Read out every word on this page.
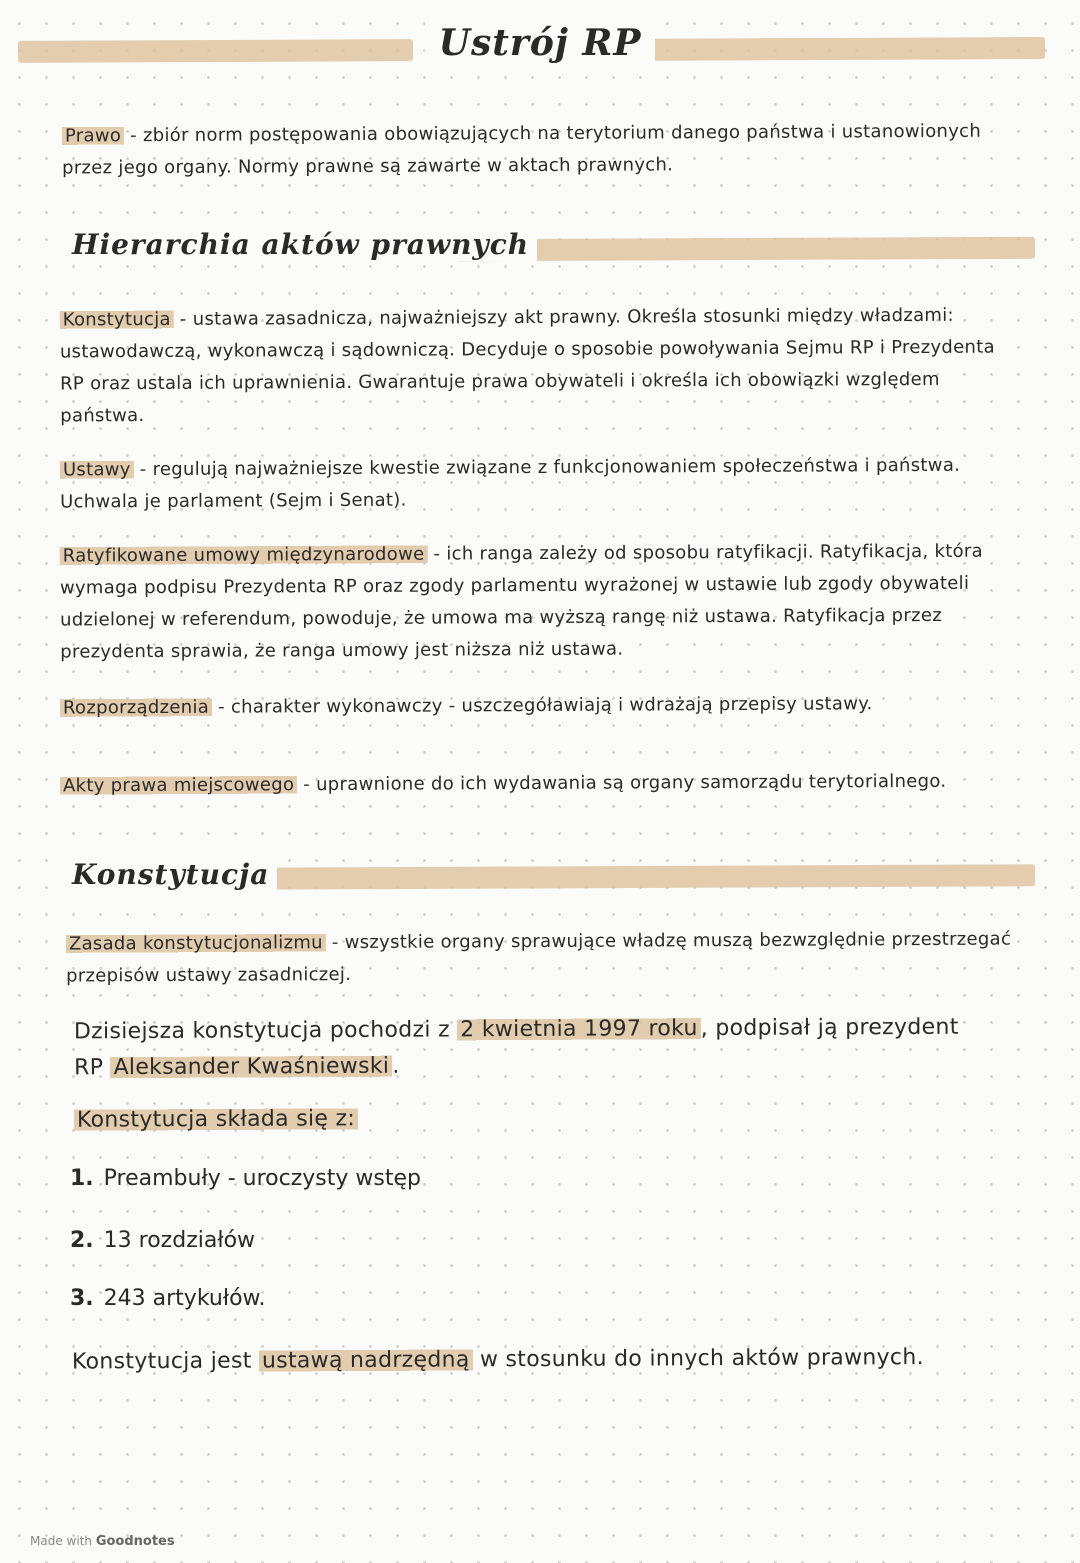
Ustrój RP

Prawo - zbiór norm postępowania obowiązujących na terytorium danego państwa i ustanowionych przez jego organy. Normy prawne są zawarte w aktach prawnych.

Hierarchia aktów prawnych

Konstytucja - ustawa zasadnicza, najważniejszy akt prawny. Określa stosunki między władzami: ustawodawczą, wykonawczą i sądowniczą. Decyduje o sposobie powoływania Sejmu RP i Prezydenta RP oraz ustala ich uprawnienia. Gwarantuje prawa obywateli i określa ich obowiązki względem państwa.

Ustawy - regulują najważniejsze kwestie związane z funkcjonowaniem społeczeństwa i państwa. Uchwala je parlament (Sejm i Senat).

Ratyfikowane umowy międzynarodowe - ich ranga zależy od sposobu ratyfikacji. Ratyfikacja, która wymaga podpisu Prezydenta RP oraz zgody parlamentu wyrażonej w ustawie lub zgody obywateli udzielonej w referendum, powoduje, że umowa ma wyższą rangę niż ustawa. Ratyfikacja przez prezydenta sprawia, że ranga umowy jest niższa niż ustawa.

Rozporządzenia - charakter wykonawczy - uszczegóławiają i wdrażają przepisy ustawy.

Akty prawa miejscowego - uprawnione do ich wydawania są organy samorządu terytorialnego.

Konstytucja

Zasada konstytucjonalizmu - wszystkie organy sprawujące władzę muszą bezwzględnie przestrzegać przepisów ustawy zasadniczej.

Dzisiejsza konstytucja pochodzi z 2 kwietnia 1997 roku , podpisał ją prezydent RP Aleksander Kwaśniewski .

Konstytucja składa się z:

1. Preambuły - uroczysty wstęp
2. 13 rozdziałów
3. 243 artykułów.

Konstytucja jest ustawą nadrzędną w stosunku do innych aktów prawnych.

Made with Goodnotes
